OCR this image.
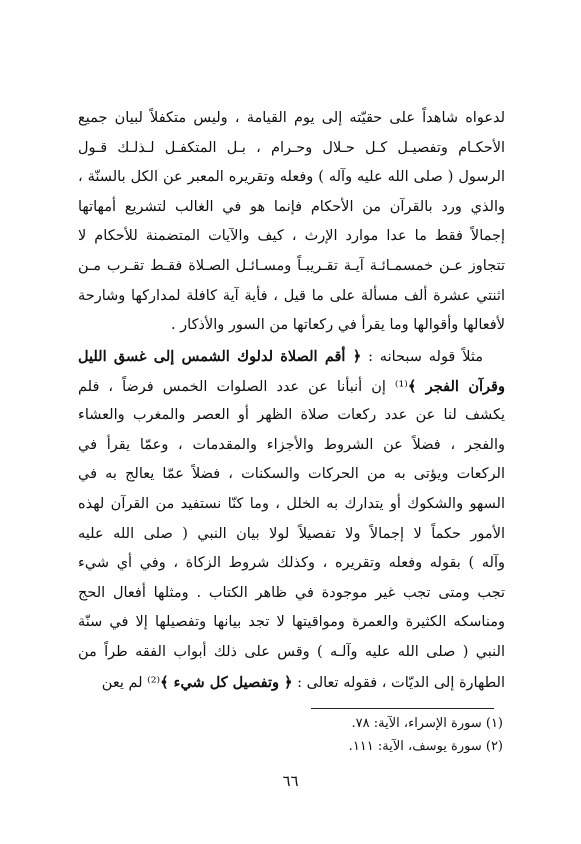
لدعواه شاهداً على حقيّته إلى يوم القيامة ، وليس متكفلاً لبيان جميع
الأحكـام وتفصيـل كـل حـلال وحـرام ، بـل المتكفـل لـذلـك قـول
الرسول ( صلى الله عليه وآله ) وفعله وتقريره المعبر عن الكل بالسنّة ،
والذي ورد بالقرآن من الأحكام فإنما هو في الغالب لتشريع أمهاتها
إجمالاً فقط ما عدا موارد الإرث ، كيف والآيات المتضمنة للأحكام لا
تتجاوز عـن خمسمـائـة آيـة تقـريبـاً ومسـائـل الصـلاة فقـط تقـرب مـن
اثنتي عشرة ألف مسألة على ما قيل ، فأية آية كافلة لمداركها وشارحة
لأفعالها وأقوالها وما يقرأ في ركعاتها من السور والأذكار .
مثلاً قوله سبحانه : ﴿ أقم الصلاة لدلوك الشمس إلى غسق الليل
وقرآن الفجر ﴾⁽¹⁾ إن أنبأنا عن عدد الصلوات الخمس فرضاً ، فلم
يكشف لنا عن عدد ركعات صلاة الظهر أو العصر والمغرب والعشاء
والفجر ، فضلاً عن الشروط والأجزاء والمقدمات ، وعمّا يقرأ في
الركعات ويؤتى به من الحركات والسكنات ، فضلاً عمّا يعالج به في
السهو والشكوك أو يتدارك به الخلل ، وما كنّا نستفيد من القرآن لهذه
الأمور حكماً لا إجمالاً ولا تفصيلاً لولا بيان النبي ( صلى الله عليه
وآله ) بقوله وفعله وتقريره ، وكذلك شروط الزكاة ، وفي أي شيء
تجب ومتى تجب غير موجودة في ظاهر الكتاب . ومثلها أفعال الحج
ومناسكه الكثيرة والعمرة ومواقيتها لا تجد بيانها وتفصيلها إلا في سنّة
النبي ( صلى الله عليه وآلـه ) وقس على ذلك أبواب الفقه طراً من
الطهارة إلى الديّات ، فقوله تعالى : ﴿ وتفصيل كل شيء ﴾⁽²⁾ لم يعن
(١) سورة الإسراء، الآية: ٧٨.
(٢) سورة يوسف، الآية: ١١١.
٦٦
